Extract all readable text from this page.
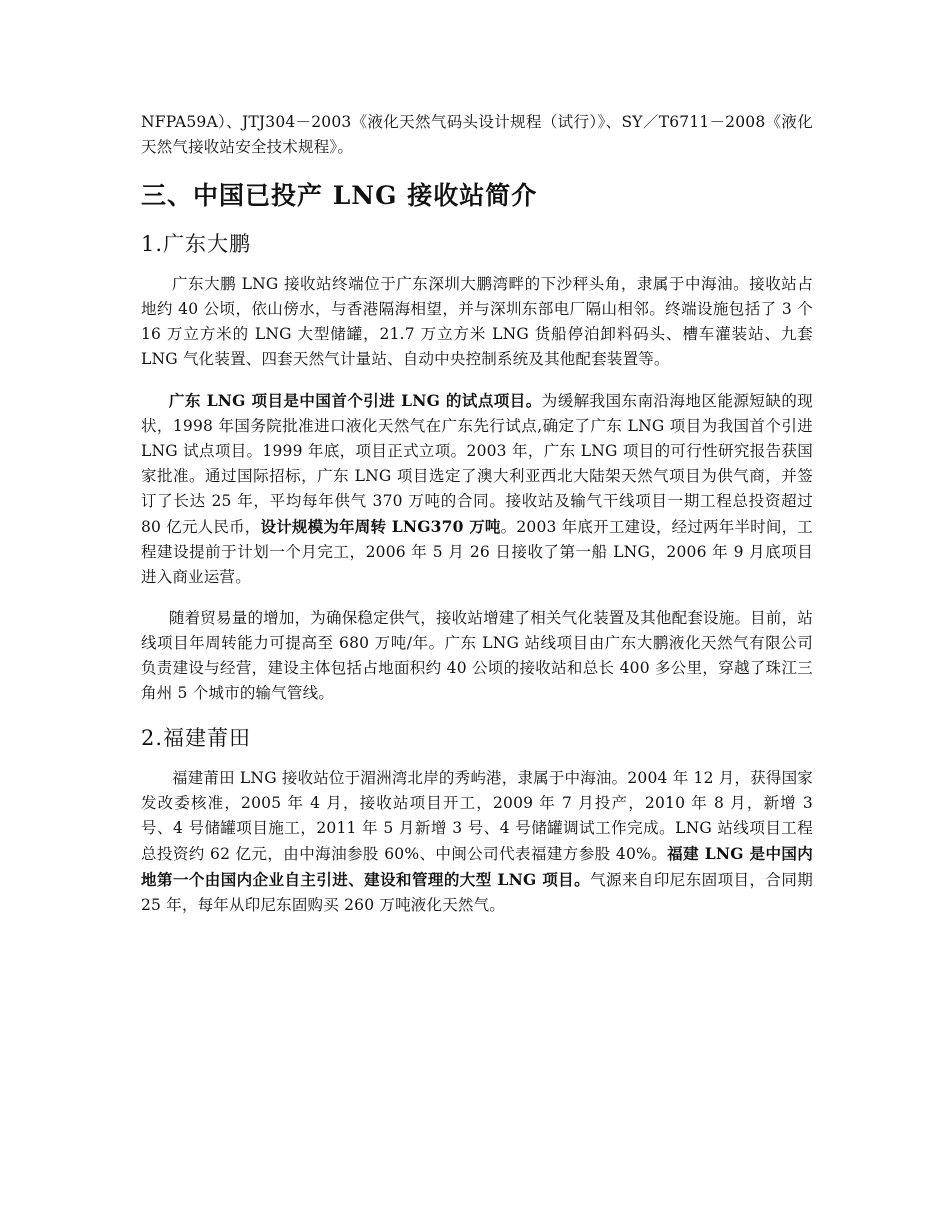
NFPA59A）、JTJ304－2003《液化天然气码头设计规程（试行）》、SY／T6711－2008《液化天然气接收站安全技术规程》。

三、中国已投产 LNG 接收站简介
1.广东大鹏

广东大鹏 LNG 接收站终端位于广东深圳大鹏湾畔的下沙秤头角，隶属于中海油。接收站占地约 40 公顷，依山傍水，与香港隔海相望，并与深圳东部电厂隔山相邻。终端设施包括了 3 个 16 万立方米的 LNG 大型储罐，21.7 万立方米 LNG 货船停泊卸料码头、槽车灌装站、九套 LNG 气化装置、四套天然气计量站、自动中央控制系统及其他配套装置等。

广东 LNG 项目是中国首个引进 LNG 的试点项目。为缓解我国东南沿海地区能源短缺的现状，1998 年国务院批准进口液化天然气在广东先行试点,确定了广东 LNG 项目为我国首个引进 LNG 试点项目。1999 年底，项目正式立项。2003 年，广东 LNG 项目的可行性研究报告获国家批准。通过国际招标，广东 LNG 项目选定了澳大利亚西北大陆架天然气项目为供气商，并签订了长达 25 年，平均每年供气 370 万吨的合同。接收站及输气干线项目一期工程总投资超过 80 亿元人民币，设计规模为年周转 LNG370 万吨。2003 年底开工建设，经过两年半时间，工程建设提前于计划一个月完工，2006 年 5 月 26 日接收了第一船 LNG，2006 年 9 月底项目进入商业运营。

随着贸易量的增加，为确保稳定供气，接收站增建了相关气化装置及其他配套设施。目前，站线项目年周转能力可提高至 680 万吨/年。广东 LNG 站线项目由广东大鹏液化天然气有限公司负责建设与经营，建设主体包括占地面积约 40 公顷的接收站和总长 400 多公里，穿越了珠江三角州 5 个城市的输气管线。

2.福建莆田

福建莆田 LNG 接收站位于湄洲湾北岸的秀屿港，隶属于中海油。2004 年 12 月，获得国家发改委核准，2005 年 4 月，接收站项目开工，2009 年 7 月投产，2010 年 8 月，新增 3 号、4 号储罐项目施工，2011 年 5 月新增 3 号、4 号储罐调试工作完成。LNG 站线项目工程总投资约 62 亿元，由中海油参股 60%、中闽公司代表福建方参股 40%。福建 LNG 是中国内地第一个由国内企业自主引进、建设和管理的大型 LNG 项目。气源来自印尼东固项目，合同期 25 年，每年从印尼东固购买 260 万吨液化天然气。
